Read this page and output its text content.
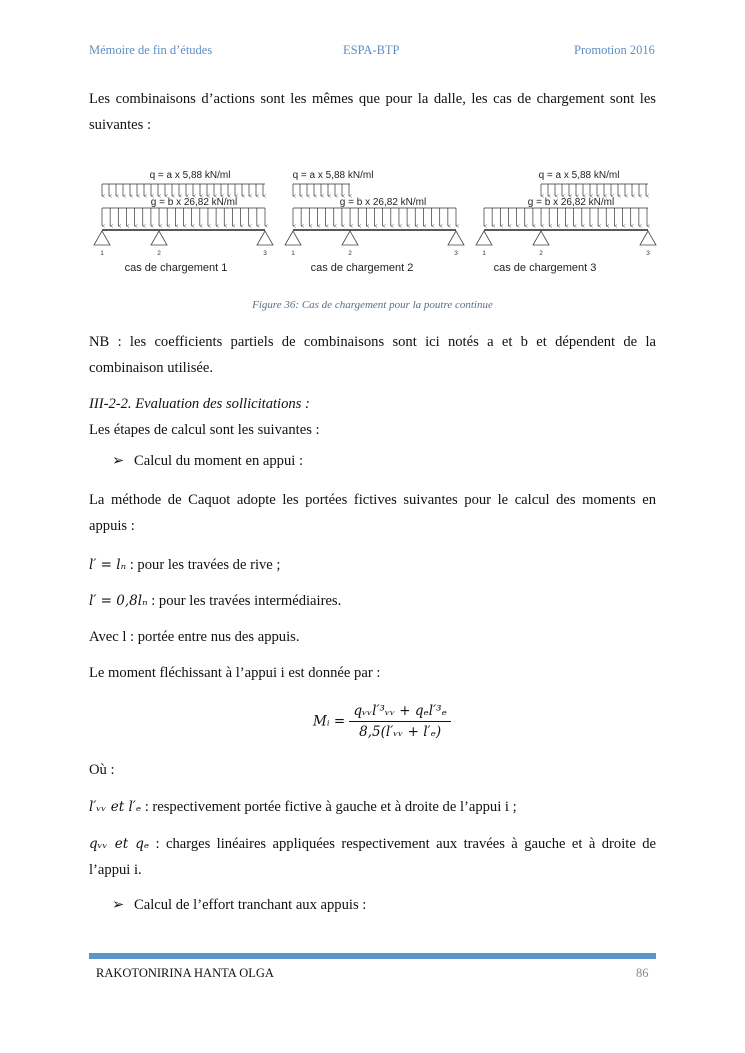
Mémoire de fin d’études	ESPA-BTP	Promotion 2016
Les combinaisons d’actions sont les mêmes que pour la dalle, les cas de chargement sont les
suivantes :
q = a x 5,88 kN/ml
g = b x 26,82 kN/ml
1	2	3
cas de chargement 1
q = a x 5,88 kN/ml
g = b x 26,82 kN/ml
1	2	3
cas de chargement 2
q = a x 5,88 kN/ml
g = b x 26,82 kN/ml
1	2	3
cas de chargement 3
Figure 36: Cas de chargement pour la poutre continue
NB : les coefficients partiels de combinaisons sont ici notés a et b et dépendent de la
combinaison utilisée.
III-2-2. Evaluation des sollicitations :
Les étapes de calcul sont les suivantes :
➢ Calcul du moment en appui :
La méthode de Caquot adopte les portées fictives suivantes pour le calcul des moments en
appuis :
l′ = lₙ : pour les travées de rive ;
l′ = 0,8lₙ : pour les travées intermédiaires.
Avec l : portée entre nus des appuis.
Le moment fléchissant à l’appui i est donnée par :
Mᵢ = $\frac{\text{qᵥᵥl′³ᵥᵥ + qₑl′³ₑ}}{\text{8,5(l′ᵥᵥ + l′ₑ)}}$
Où :
l′ᵥᵥ et l′ₑ : respectivement portée fictive à gauche et à droite de l’appui i ;
qᵥᵥ et qₑ : charges linéaires appliquées respectivement aux travées à gauche et à droite de
l’appui i.
➢ Calcul de l’effort tranchant aux appuis :
RAKOTONIRINA HANTA OLGA	86
